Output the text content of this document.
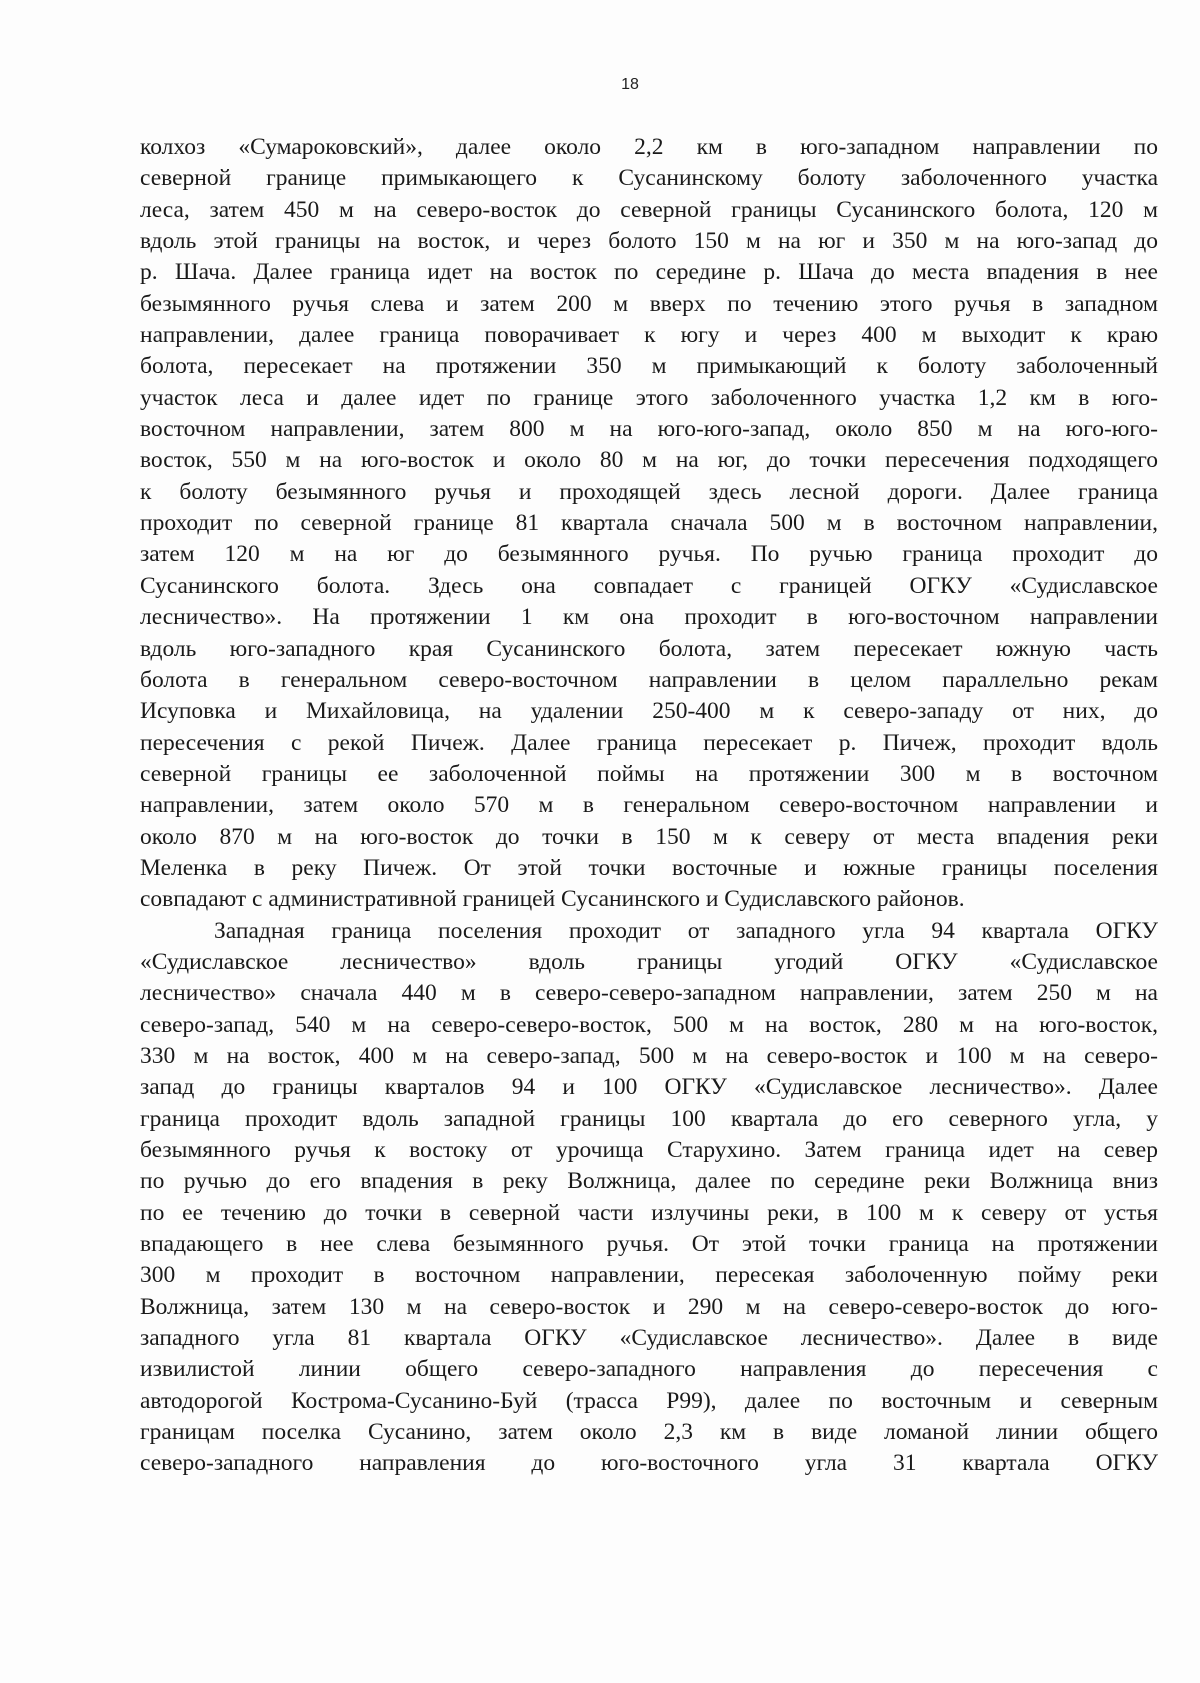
18
колхоз «Сумароковский», далее около 2,2 км в юго-западном направлении по
северной границе примыкающего к Сусанинскому болоту заболоченного участка
леса, затем 450 м на северо-восток до северной границы Сусанинского болота, 120 м
вдоль этой границы на восток, и через болото 150 м на юг и 350 м на юго-запад до
р. Шача. Далее граница идет на восток по середине р. Шача до места впадения в нее
безымянного ручья слева и затем 200 м вверх по течению этого ручья в западном
направлении, далее граница поворачивает к югу и через 400 м выходит к краю
болота, пересекает на протяжении 350 м примыкающий к болоту заболоченный
участок леса и далее идет по границе этого заболоченного участка 1,2 км в юго-
восточном направлении, затем 800 м на юго-юго-запад, около 850 м на юго-юго-
восток, 550 м на юго-восток и около 80 м на юг, до точки пересечения подходящего
к болоту безымянного ручья и проходящей здесь лесной дороги. Далее граница
проходит по северной границе 81 квартала сначала 500 м в восточном направлении,
затем 120 м на юг до безымянного ручья. По ручью граница проходит до
Сусанинского болота. Здесь она совпадает с границей ОГКУ «Судиславское
лесничество». На протяжении 1 км она проходит в юго-восточном направлении
вдоль юго-западного края Сусанинского болота, затем пересекает южную часть
болота в генеральном северо-восточном направлении в целом параллельно рекам
Исуповка и Михайловица, на удалении 250-400 м к северо-западу от них, до
пересечения с рекой Пичеж. Далее граница пересекает р. Пичеж, проходит вдоль
северной границы ее заболоченной поймы на протяжении 300 м в восточном
направлении, затем около 570 м в генеральном северо-восточном направлении и
около 870 м на юго-восток до точки в 150 м к северу от места впадения реки
Меленка в реку Пичеж. От этой точки восточные и южные границы поселения
совпадают с административной границей Сусанинского и Судиславского районов.
Западная граница поселения проходит от западного угла 94 квартала ОГКУ
«Судиславское лесничество» вдоль границы угодий ОГКУ «Судиславское
лесничество» сначала 440 м в северо-северо-западном направлении, затем 250 м на
северо-запад, 540 м на северо-северо-восток, 500 м на восток, 280 м на юго-восток,
330 м на восток, 400 м на северо-запад, 500 м на северо-восток и 100 м на северо-
запад до границы кварталов 94 и 100 ОГКУ «Судиславское лесничество». Далее
граница проходит вдоль западной границы 100 квартала до его северного угла, у
безымянного ручья к востоку от урочища Старухино. Затем граница идет на север
по ручью до его впадения в реку Волжница, далее по середине реки Волжница вниз
по ее течению до точки в северной части излучины реки, в 100 м к северу от устья
впадающего в нее слева безымянного ручья. От этой точки граница на протяжении
300 м проходит в восточном направлении, пересекая заболоченную пойму реки
Волжница, затем 130 м на северо-восток и 290 м на северо-северо-восток до юго-
западного угла 81 квартала ОГКУ «Судиславское лесничество». Далее в виде
извилистой линии общего северо-западного направления до пересечения с
автодорогой Кострома-Сусанино-Буй (трасса Р99), далее по восточным и северным
границам поселка Сусанино, затем около 2,3 км в виде ломаной линии общего
северо-западного направления до юго-восточного угла 31 квартала ОГКУ
